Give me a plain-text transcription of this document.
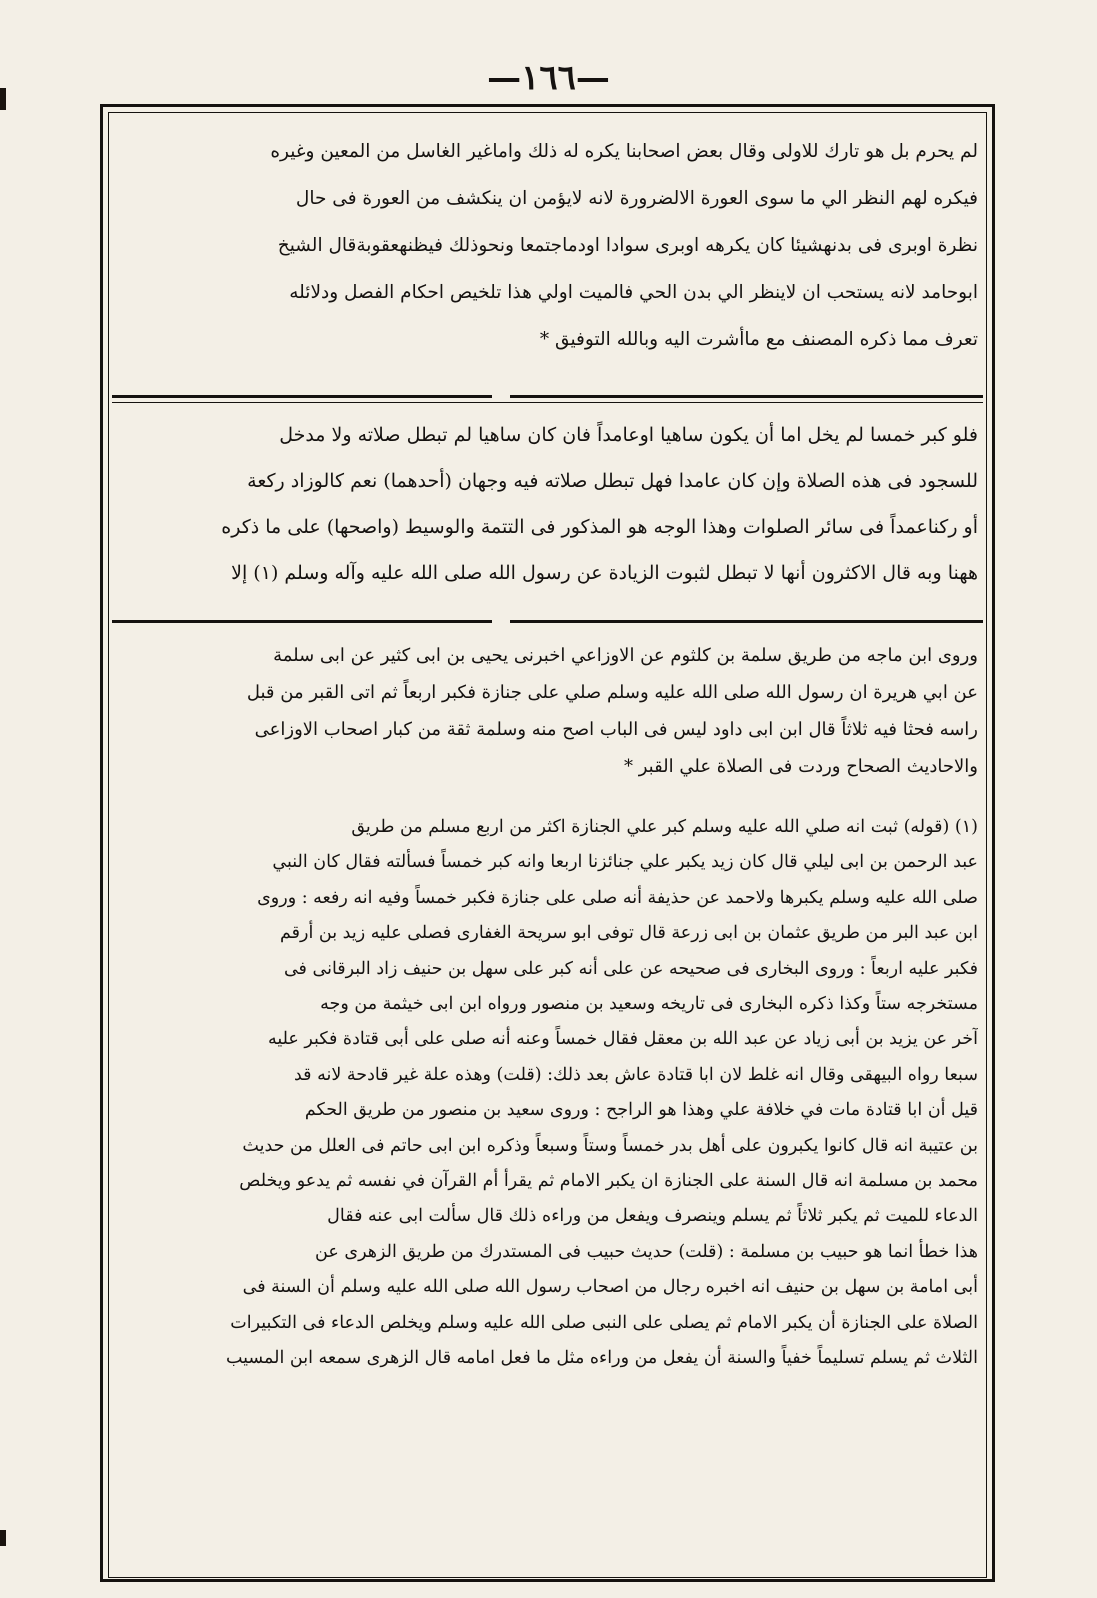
—١٦٦—

لم يحرم بل هو تارك للاولى وقال بعض اصحابنا يكره له ذلك واماغير الغاسل من المعين وغيره

فيكره لهم النظر الي ما سوى العورة الالضرورة لانه لايؤمن ان ينكشف من العورة فى حال

نظرة اوبرى فى بدنهشيئا كان يكرهه اوبرى سوادا اودماجتمعا ونحوذلك فيظنهعقوبةقال الشيخ

ابوحامد لانه يستحب ان لاينظر الي بدن الحي فالميت اولي هذا تلخيص احكام الفصل ودلائله

تعرف مما ذكره المصنف مع ماأشرت اليه وبالله التوفيق *

فلو كبر خمسا لم يخل اما أن يكون ساهيا اوعامداً فان كان ساهيا لم تبطل صلاته ولا مدخل

للسجود فى هذه الصلاة وإن كان عامدا فهل تبطل صلاته فيه وجهان (أحدهما) نعم كالوزاد ركعة

أو ركناعمداً فى سائر الصلوات وهذا الوجه هو المذكور فى التتمة والوسيط (واصحها) على ما ذكره

ههنا وبه قال الاكثرون أنها لا تبطل لثبوت الزيادة عن رسول الله صلى الله عليه وآله وسلم (١) إلا

وروى ابن ماجه من طريق سلمة بن كلثوم عن الاوزاعي اخبرنى يحيى بن ابى كثير عن ابى سلمة

عن ابي هريرة ان رسول الله صلى الله عليه وسلم صلي على جنازة فكبر اربعاً ثم اتى القبر من قبل

راسه فحثا فيه ثلاثاً قال ابن ابى داود ليس فى الباب اصح منه وسلمة ثقة من كبار اصحاب الاوزاعى

والاحاديث الصحاح وردت فى الصلاة علي القبر *

(١) (قوله) ثبت انه صلي الله عليه وسلم كبر علي الجنازة اكثر من اربع مسلم من طريق

عبد الرحمن بن ابى ليلي قال كان زيد يكبر علي جنائزنا اربعا وانه كبر خمساً فسألته فقال كان النبي

صلى الله عليه وسلم يكبرها ولاحمد عن حذيفة أنه صلى على جنازة فكبر خمساً وفيه انه رفعه : وروى

ابن عبد البر من طريق عثمان بن ابى زرعة قال توفى ابو سريحة الغفارى فصلى عليه زيد بن أرقم

فكبر عليه اربعاً : وروى البخارى فى صحيحه عن على أنه كبر على سهل بن حنيف زاد البرقانى فى

مستخرجه ستاً وكذا ذكره البخارى فى تاريخه وسعيد بن منصور ورواه ابن ابى خيثمة من وجه

آخر عن يزيد بن أبى زياد عن عبد الله بن معقل فقال خمساً وعنه أنه صلى على أبى قتادة فكبر عليه

سبعا رواه البيهقى وقال انه غلط لان ابا قتادة عاش بعد ذلك: (قلت) وهذه علة غير قادحة لانه قد

قيل أن ابا قتادة مات في خلافة علي وهذا هو الراجح : وروى سعيد بن منصور من طريق الحكم

بن عتيبة انه قال كانوا يكبرون على أهل بدر خمساً وستاً وسبعاً وذكره ابن ابى حاتم فى العلل من حديث

محمد بن مسلمة انه قال السنة على الجنازة ان يكبر الامام ثم يقرأ أم القرآن في نفسه ثم يدعو ويخلص

الدعاء للميت ثم يكبر ثلاثاً ثم يسلم وينصرف ويفعل من وراءه ذلك قال سألت ابى عنه فقال

هذا خطأ انما هو حبيب بن مسلمة : (قلت) حديث حبيب فى المستدرك من طريق الزهرى عن

أبى امامة بن سهل بن حنيف انه اخبره رجال من اصحاب رسول الله صلى الله عليه وسلم أن السنة فى

الصلاة على الجنازة أن يكبر الامام ثم يصلى على النبى صلى الله عليه وسلم ويخلص الدعاء فى التكبيرات

الثلاث ثم يسلم تسليماً خفياً والسنة أن يفعل من وراءه مثل ما فعل امامه قال الزهرى سمعه ابن المسيب
